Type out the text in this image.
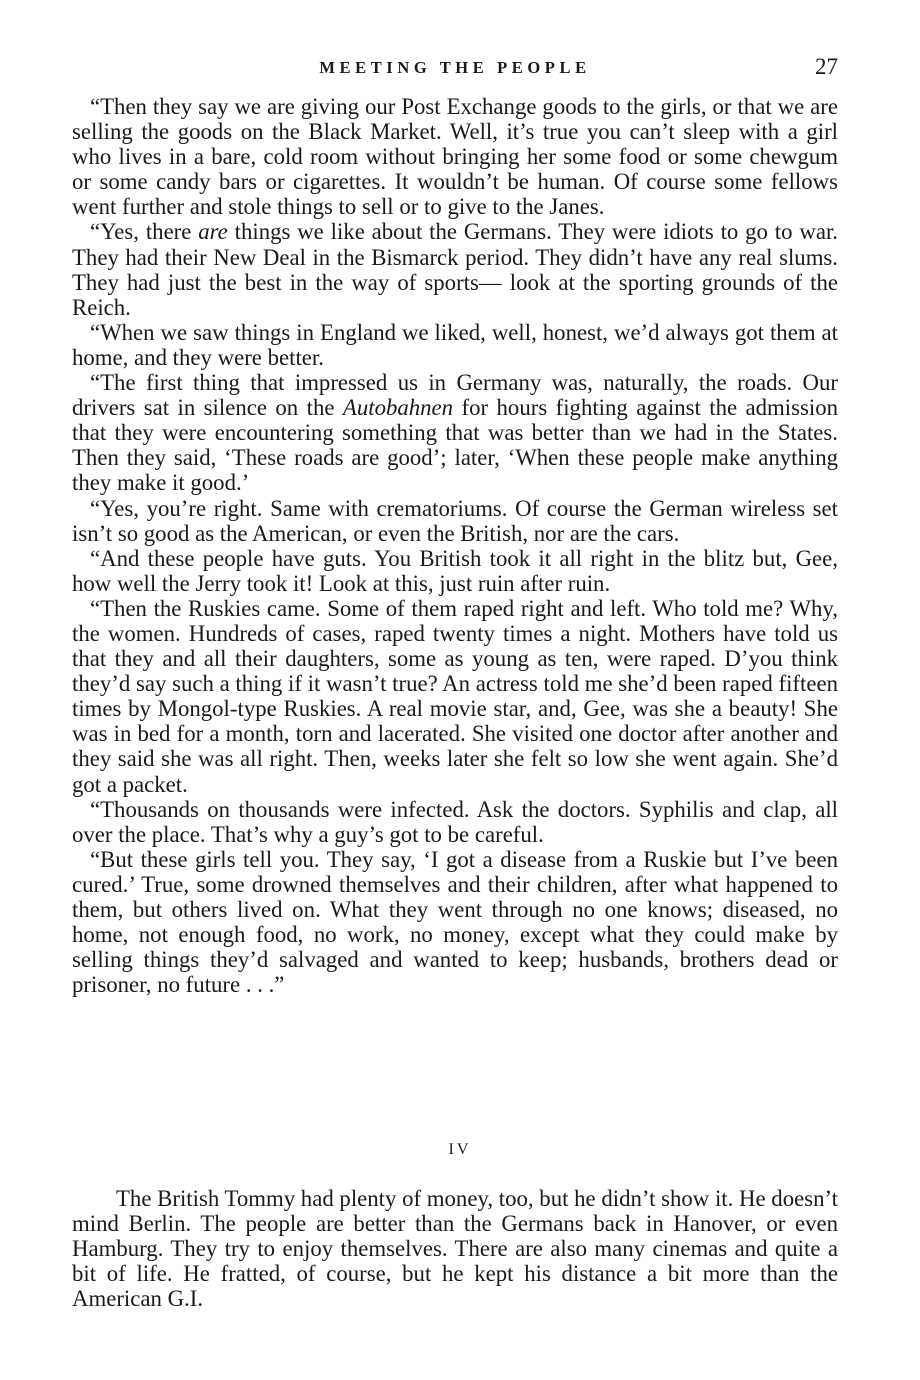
MEETING THE PEOPLE	27

“Then they say we are giving our Post Exchange goods to the girls, or that we are selling the goods on the Black Market. Well, it’s true you can’t sleep with a girl who lives in a bare, cold room without bringing her some food or some chewgum or some candy bars or cigarettes. It wouldn’t be human. Of course some fellows went further and stole things to sell or to give to the Janes.

“Yes, there are things we like about the Germans. They were idiots to go to war. They had their New Deal in the Bismarck period. They didn’t have any real slums. They had just the best in the way of sports— look at the sporting grounds of the Reich.

“When we saw things in England we liked, well, honest, we’d always got them at home, and they were better.

“The first thing that impressed us in Germany was, naturally, the roads. Our drivers sat in silence on the Autobahnen for hours fighting against the admission that they were encountering something that was better than we had in the States. Then they said, ‘These roads are good’; later, ‘When these people make anything they make it good.’

“Yes, you’re right. Same with crematoriums. Of course the German wireless set isn’t so good as the American, or even the British, nor are the cars.

“And these people have guts. You British took it all right in the blitz but, Gee, how well the Jerry took it! Look at this, just ruin after ruin.

“Then the Ruskies came. Some of them raped right and left. Who told me? Why, the women. Hundreds of cases, raped twenty times a night. Mothers have told us that they and all their daughters, some as young as ten, were raped. D’you think they’d say such a thing if it wasn’t true? An actress told me she’d been raped fifteen times by Mongol-type Ruskies. A real movie star, and, Gee, was she a beauty! She was in bed for a month, torn and lacerated. She visited one doctor after another and they said she was all right. Then, weeks later she felt so low she went again. She’d got a packet.

“Thousands on thousands were infected. Ask the doctors. Syphilis and clap, all over the place. That’s why a guy’s got to be careful.

“But these girls tell you. They say, ‘I got a disease from a Ruskie but I’ve been cured.’ True, some drowned themselves and their children, after what happened to them, but others lived on. What they went through no one knows; diseased, no home, not enough food, no work, no money, except what they could make by selling things they’d salvaged and wanted to keep; husbands, brothers dead or prisoner, no future . . .”

IV

The British Tommy had plenty of money, too, but he didn’t show it. He doesn’t mind Berlin. The people are better than the Germans back in Hanover, or even Hamburg. They try to enjoy themselves. There are also many cinemas and quite a bit of life. He fratted, of course, but he kept his distance a bit more than the American G.I.
